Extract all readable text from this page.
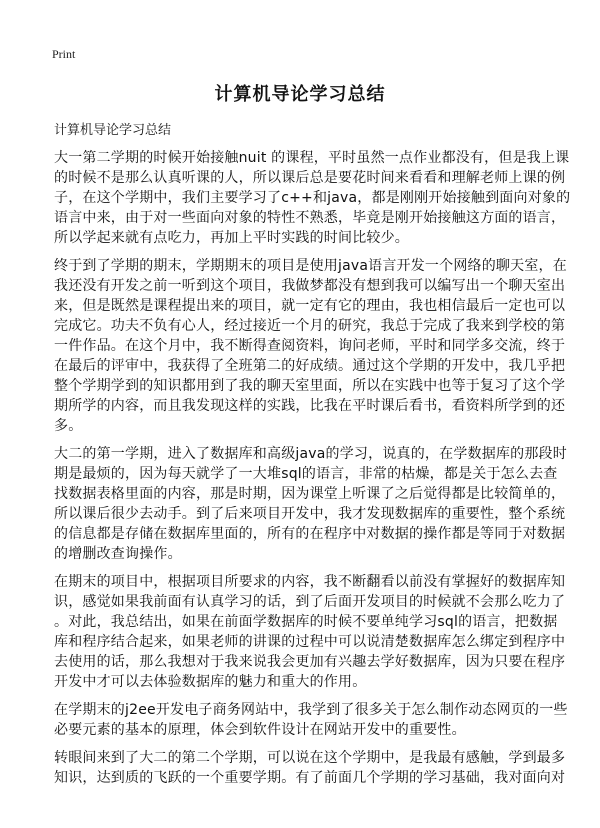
Print
计算机导论学习总结
计算机导论学习总结
大一第二学期的时候开始接触nuit 的课程，平时虽然一点作业都没有，但是我上课
的时候不是那么认真听课的人，所以课后总是要花时间来看看和理解老师上课的例
子，在这个学期中，我们主要学习了c++和java，都是刚刚开始接触到面向对象的
语言中来，由于对一些面向对象的特性不熟悉，毕竟是刚开始接触这方面的语言，
所以学起来就有点吃力，再加上平时实践的时间比较少。
终于到了学期的期末，学期期末的项目是使用java语言开发一个网络的聊天室，在
我还没有开发之前一听到这个项目，我做梦都没有想到我可以编写出一个聊天室出
来，但是既然是课程提出来的项目，就一定有它的理由，我也相信最后一定也可以
完成它。功夫不负有心人，经过接近一个月的研究，我总于完成了我来到学校的第
一件作品。在这个月中，我不断得查阅资料，询问老师，平时和同学多交流，终于
在最后的评审中，我获得了全班第二的好成绩。通过这个学期的开发中，我几乎把
整个学期学到的知识都用到了我的聊天室里面，所以在实践中也等于复习了这个学
期所学的内容，而且我发现这样的实践，比我在平时课后看书，看资料所学到的还
多。
大二的第一学期，进入了数据库和高级java的学习，说真的，在学数据库的那段时
期是最烦的，因为每天就学了一大堆sql的语言，非常的枯燥，都是关于怎么去查
找数据表格里面的内容，那是时期，因为课堂上听课了之后觉得都是比较简单的，
所以课后很少去动手。到了后来项目开发中，我才发现数据库的重要性，整个系统
的信息都是存储在数据库里面的，所有的在程序中对数据的操作都是等同于对数据
的增删改查询操作。
在期末的项目中，根据项目所要求的内容，我不断翻看以前没有掌握好的数据库知
识，感觉如果我前面有认真学习的话，到了后面开发项目的时候就不会那么吃力了
。对此，我总结出，如果在前面学数据库的时候不要单纯学习sql的语言，把数据
库和程序结合起来，如果老师的讲课的过程中可以说清楚数据库怎么绑定到程序中
去使用的话，那么我想对于我来说我会更加有兴趣去学好数据库，因为只要在程序
开发中才可以去体验数据库的魅力和重大的作用。
在学期末的j2ee开发电子商务网站中，我学到了很多关于怎么制作动态网页的一些
必要元素的基本的原理，体会到软件设计在网站开发中的重要性。
转眼间来到了大二的第二个学期，可以说在这个学期中，是我最有感触，学到最多
知识，达到质的飞跃的一个重要学期。有了前面几个学期的学习基础，我对面向对
